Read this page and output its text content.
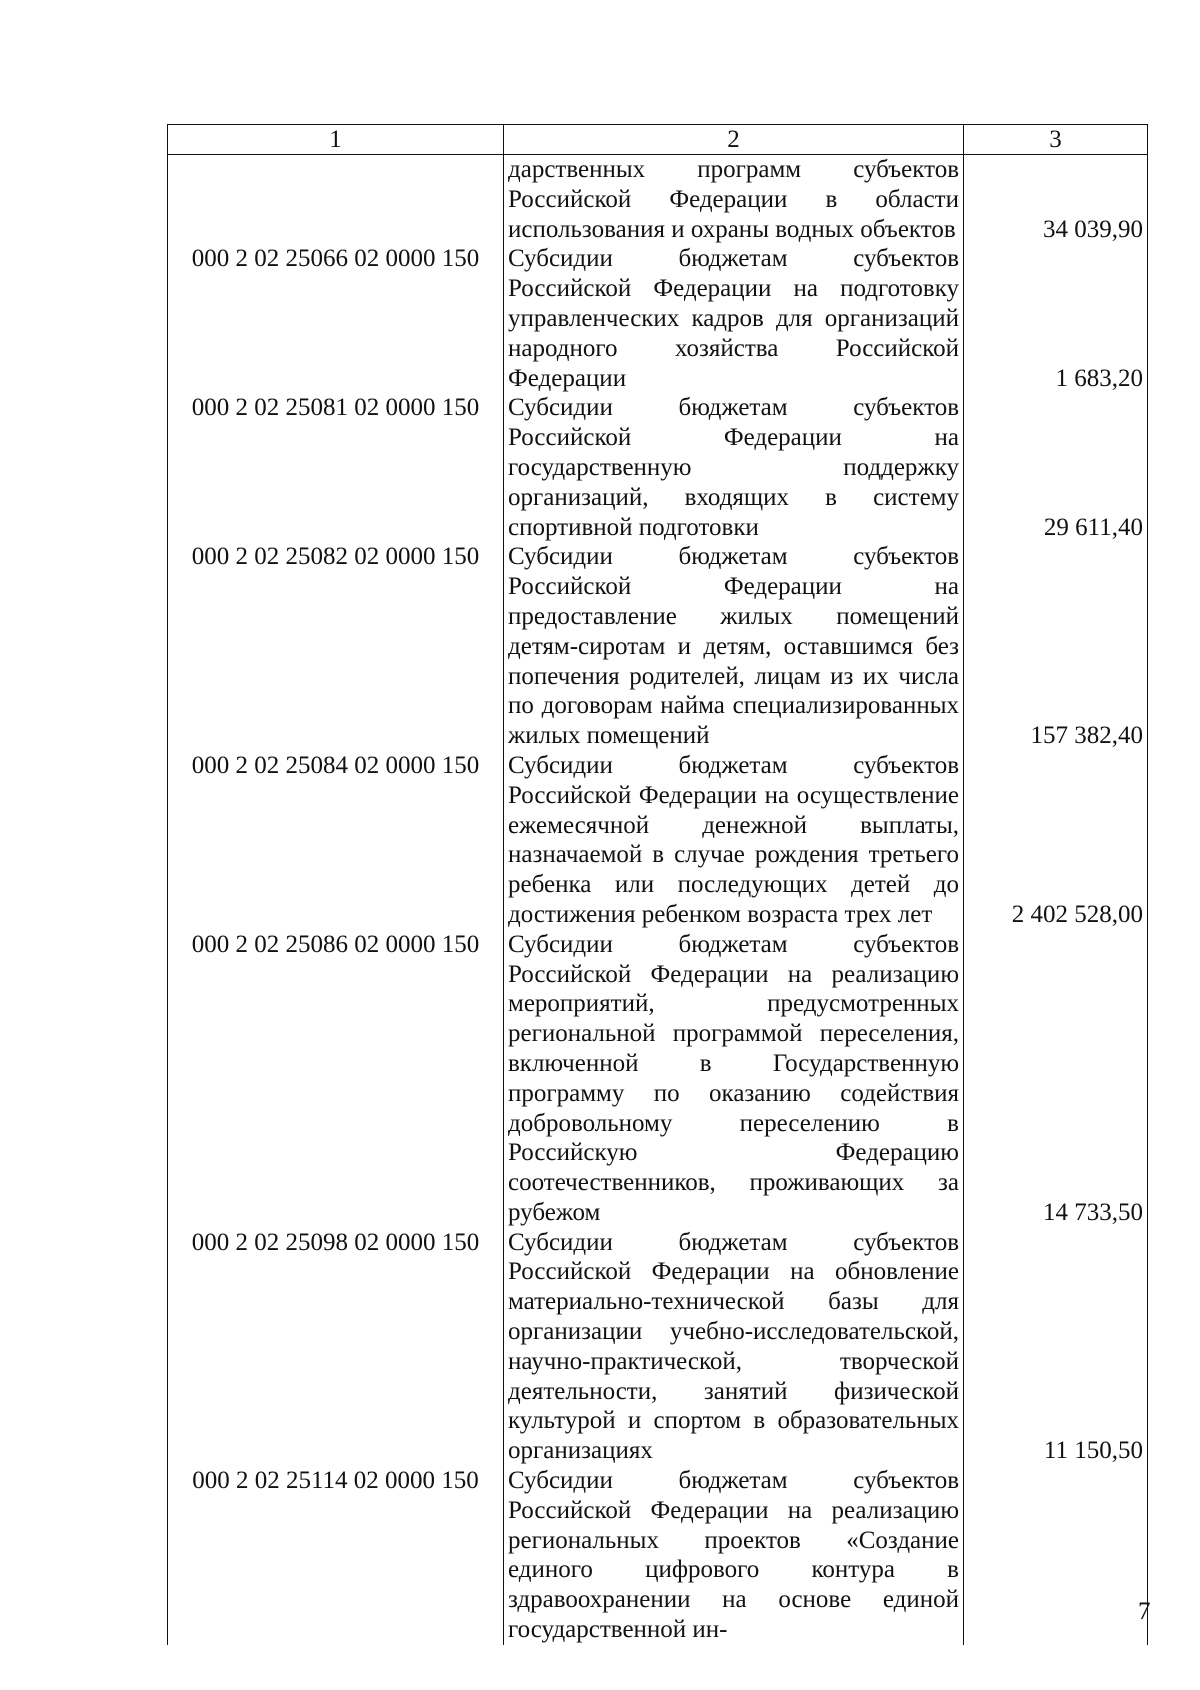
1	2	3
	дарственных программ субъектов Российской Федерации в области использования и охраны водных объектов	34 039,90
000 2 02 25066 02 0000 150	Субсидии бюджетам субъектов Российской Федерации на подготовку управленческих кадров для организаций народного хозяйства Российской Федерации	1 683,20
000 2 02 25081 02 0000 150	Субсидии бюджетам субъектов Российской Федерации на государственную поддержку организаций, входящих в систему спортивной подготовки	29 611,40
000 2 02 25082 02 0000 150	Субсидии бюджетам субъектов Российской Федерации на предоставление жилых помещений детям-сиротам и детям, оставшимся без попечения родителей, лицам из их числа по договорам найма специализированных жилых помещений	157 382,40
000 2 02 25084 02 0000 150	Субсидии бюджетам субъектов Российской Федерации на осуществление ежемесячной денежной выплаты, назначаемой в случае рождения третьего ребенка или последующих детей до достижения ребенком возраста трех лет	2 402 528,00
000 2 02 25086 02 0000 150	Субсидии бюджетам субъектов Российской Федерации на реализацию мероприятий, предусмотренных региональной программой переселения, включенной в Государственную программу по оказанию содействия добровольному переселению в Российскую Федерацию соотечественников, проживающих за рубежом	14 733,50
000 2 02 25098 02 0000 150	Субсидии бюджетам субъектов Российской Федерации на обновление материально-технической базы для организации учебно-исследовательской, научно-практической, творческой деятельности, занятий физической культурой и спортом в образовательных организациях	11 150,50
000 2 02 25114 02 0000 150	Субсидии бюджетам субъектов Российской Федерации на реализацию региональных проектов «Создание единого цифрового контура в здравоохранении на основе единой государственной ин-	
7
